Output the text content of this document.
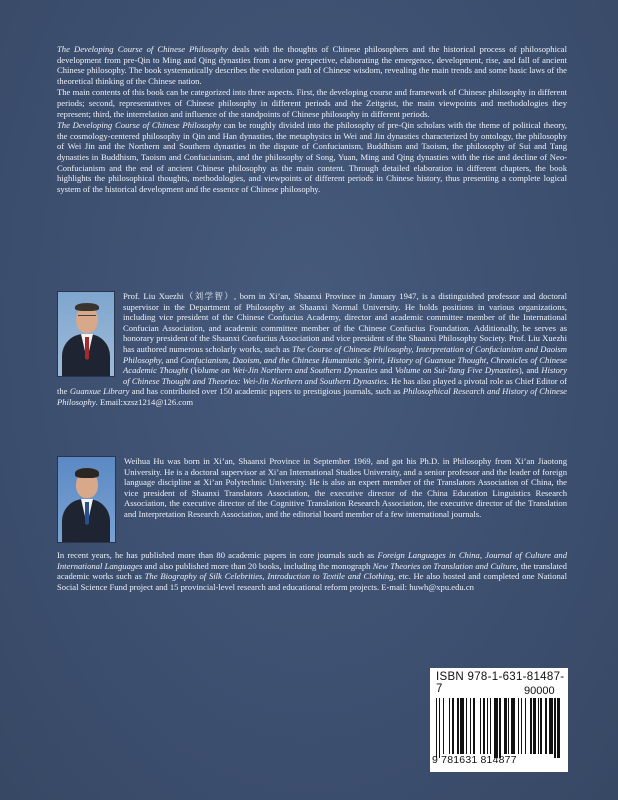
The Developing Course of Chinese Philosophy deals with the thoughts of Chinese philosophers and the historical process of philosophical development from pre-Qin to Ming and Qing dynasties from a new perspective, elaborating the emergence, development, rise, and fall of ancient Chinese philosophy. The book systematically describes the evolution path of Chinese wisdom, revealing the main trends and some basic laws of the theoretical thinking of the Chinese nation.

The main contents of this book can be categorized into three aspects. First, the developing course and framework of Chinese philosophy in different periods; second, representatives of Chinese philosophy in different periods and the Zeitgeist, the main viewpoints and methodologies they represent; third, the interrelation and influence of the standpoints of Chinese philosophy in different periods.

The Developing Course of Chinese Philosophy can be roughly divided into the philosophy of pre-Qin scholars with the theme of political theory, the cosmology-centered philosophy in Qin and Han dynasties, the metaphysics in Wei and Jin dynasties characterized by ontology, the philosophy of Wei Jin and the Northern and Southern dynasties in the dispute of Confucianism, Buddhism and Taoism, the philosophy of Sui and Tang dynasties in Buddhism, Taoism and Confucianism, and the philosophy of Song, Yuan, Ming and Qing dynasties with the rise and decline of Neo-Confucianism and the end of ancient Chinese philosophy as the main content. Through detailed elaboration in different chapters, the book highlights the philosophical thoughts, methodologies, and viewpoints of different periods in Chinese history, thus presenting a complete logical system of the historical development and the essence of Chinese philosophy.

Prof. Liu Xuezhi（刘学智）, born in Xi’an, Shaanxi Province in January 1947, is a distinguished professor and doctoral supervisor in the Department of Philosophy at Shaanxi Normal University. He holds positions in various organizations, including vice president of the Chinese Confucius Academy, director and academic committee member of the International Confucian Association, and academic committee member of the Chinese Confucius Foundation. Additionally, he serves as honorary president of the Shaanxi Confucius Association and vice president of the Shaanxi Philosophy Society. Prof. Liu Xuezhi has authored numerous scholarly works, such as The Course of Chinese Philosophy, Interpretation of Confucianism and Daoism Philosophy, and Confucianism, Daoism, and the Chinese Humanistic Spirit, History of Guanxue Thought, Chronicles of Chinese Academic Thought (Volume on Wei-Jin Northern and Southern Dynasties and Volume on Sui-Tang Five Dynasties), and History of Chinese Thought and Theories: Wei-Jin Northern and Southern Dynasties. He has also played a pivotal role as Chief Editor of the Guanxue Library and has contributed over 150 academic papers to prestigious journals, such as Philosophical Research and History of Chinese Philosophy. Email:xzsz1214@126.com
Weihua Hu was born in Xi’an, Shaanxi Province in September 1969, and got his Ph.D. in Philosophy from Xi’an Jiaotong University. He is a doctoral supervisor at Xi’an International Studies University, and a senior professor and the leader of foreign language discipline at Xi’an Polytechnic University. He is also an expert member of the Translators Association of China, the vice president of Shaanxi Translators Association, the executive director of the China Education Linguistics Research Association, the executive director of the Cognitive Translation Research Association, the executive director of the Translation and Interpretation Research Association, and the editorial board member of a few international journals.
In recent years, he has published more than 80 academic papers in core journals such as Foreign Languages in China, Journal of Culture and International Languages and also published more than 20 books, including the monograph New Theories on Translation and Culture, the translated academic works such as The Biography of Silk Celebrities, Introduction to Textile and Clothing, etc. He also hosted and completed one National Social Science Fund project and 15 provincial-level research and educational reform projects. E-mail: huwh@xpu.edu.cn
ISBN 978-1-631-81487-7	90000
9 781631 814877
